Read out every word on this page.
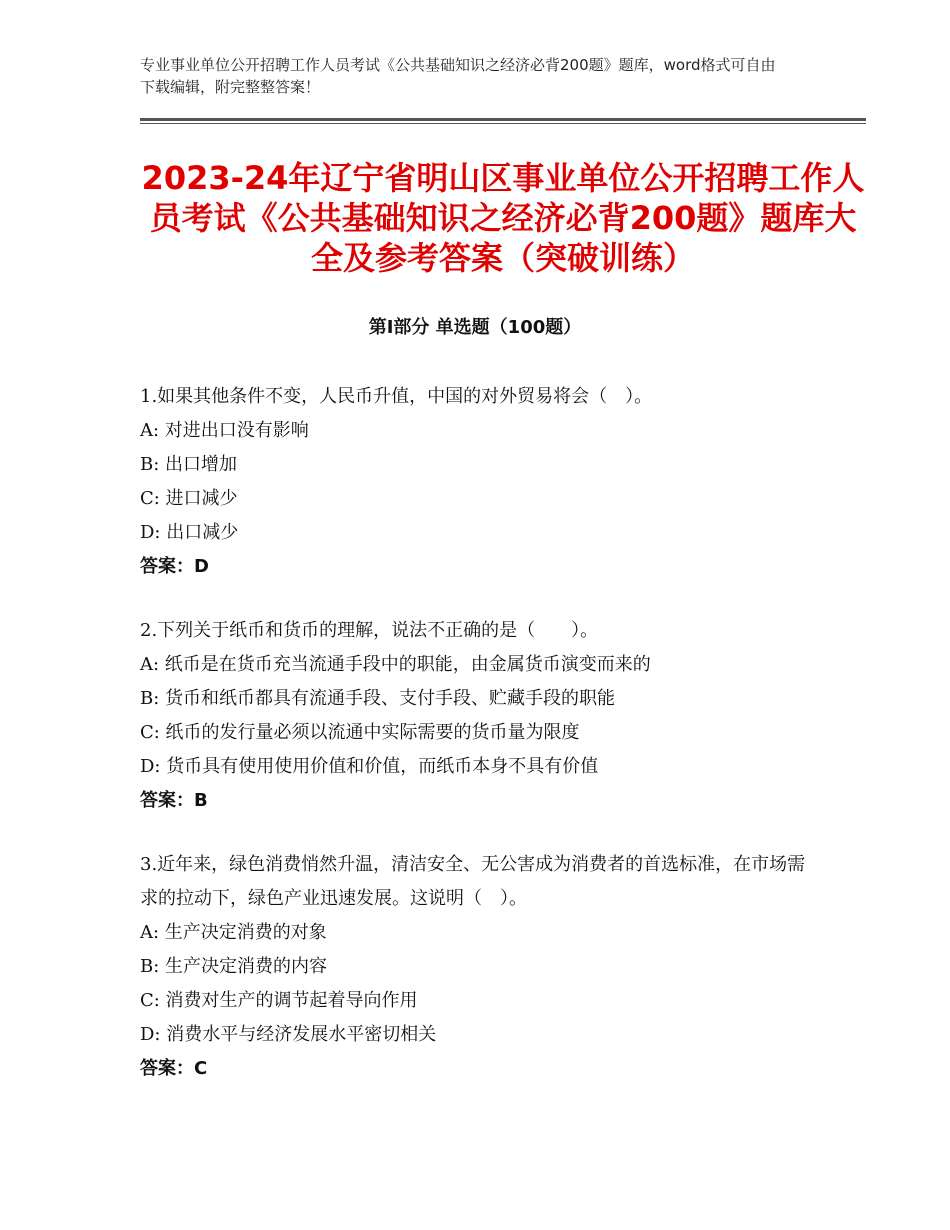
专业事业单位公开招聘工作人员考试《公共基础知识之经济必背200题》题库，word格式可自由下载编辑，附完整整答案！
2023-24年辽宁省明山区事业单位公开招聘工作人员考试《公共基础知识之经济必背200题》题库大全及参考答案（突破训练）
第Ⅰ部分 单选题（100题）

1.如果其他条件不变，人民币升值，中国的对外贸易将会（　）。

A: 对进出口没有影响

B: 出口增加

C: 进口减少

D: 出口减少

答案：D

2.下列关于纸币和货币的理解，说法不正确的是（　　）。

A: 纸币是在货币充当流通手段中的职能，由金属货币演变而来的

B: 货币和纸币都具有流通手段、支付手段、贮藏手段的职能

C: 纸币的发行量必须以流通中实际需要的货币量为限度

D: 货币具有使用使用价值和价值，而纸币本身不具有价值

答案：B

3.近年来，绿色消费悄然升温，清洁安全、无公害成为消费者的首选标准，在市场需求的拉动下，绿色产业迅速发展。这说明（　）。

A: 生产决定消费的对象

B: 生产决定消费的内容

C: 消费对生产的调节起着导向作用

D: 消费水平与经济发展水平密切相关

答案：C
